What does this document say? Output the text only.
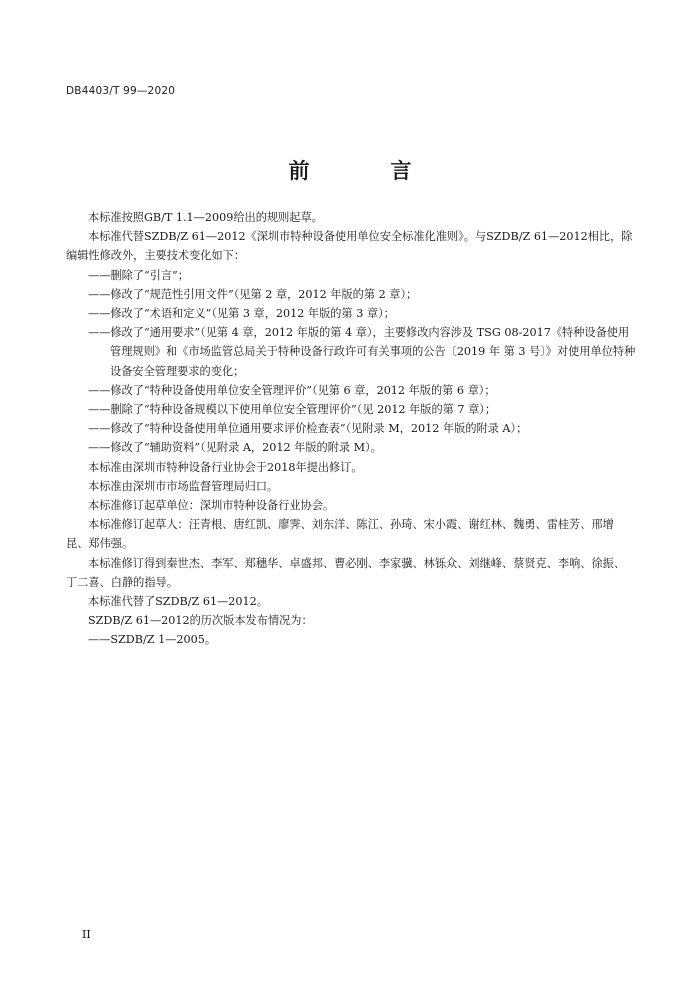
DB4403/T 99—2020
前　言

本标准按照GB/T 1.1—2009给出的规则起草。

本标准代替SZDB/Z 61—2012《深圳市特种设备使用单位安全标准化准则》。与SZDB/Z 61—2012相比，除编辑性修改外，主要技术变化如下：

——删除了“引言”；

——修改了“规范性引用文件”（见第 2 章，2012 年版的第 2 章）；

——修改了“术语和定义”（见第 3 章，2012 年版的第 3 章）；

——修改了“通用要求”（见第 4 章，2012 年版的第 4 章），主要修改内容涉及 TSG 08-2017《特种设备使用管理规则》和《市场监管总局关于特种设备行政许可有关事项的公告〔2019 年 第 3 号〕》对使用单位特种设备安全管理要求的变化；

——修改了“特种设备使用单位安全管理评价”（见第 6 章，2012 年版的第 6 章）；

——删除了“特种设备规模以下使用单位安全管理评价”（见 2012 年版的第 7 章）；

——修改了“特种设备使用单位通用要求评价检查表”（见附录 M，2012 年版的附录 A）；

——修改了“辅助资料”（见附录 A，2012 年版的附录 M）。

本标准由深圳市特种设备行业协会于2018年提出修订。

本标准由深圳市市场监督管理局归口。

本标准修订起草单位：深圳市特种设备行业协会。

本标准修订起草人：汪青根、唐红凯、廖霁、刘东洋、陈江、孙琦、宋小霞、谢红林、魏勇、雷桂芳、邢增昆、郑伟强。

本标准修订得到秦世杰、李军、郑穗华、卓盛邦、曹必刚、李家骥、林铄众、刘继峰、蔡贤克、李响、徐振、丁二喜、白静的指导。

本标准代替了SZDB/Z 61—2012。

SZDB/Z 61—2012的历次版本发布情况为：

——SZDB/Z 1—2005。

II
